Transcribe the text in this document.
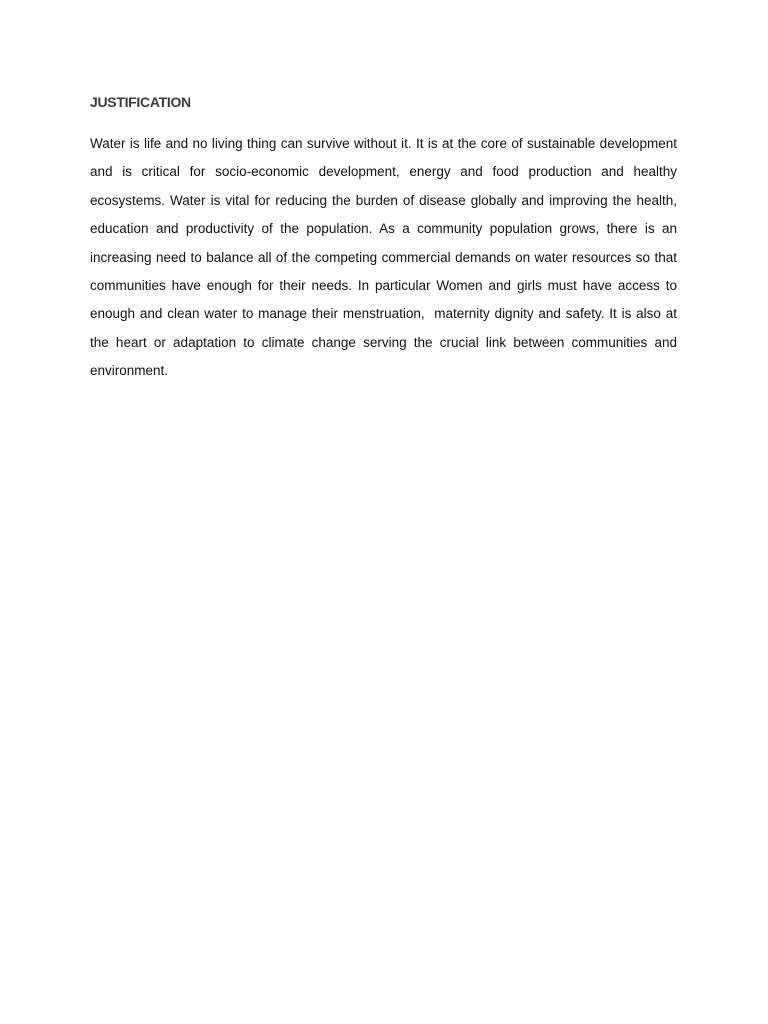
JUSTIFICATION

Water is life and no living thing can survive without it. It is at the core of sustainable development and is critical for socio-economic development, energy and food production and healthy ecosystems. Water is vital for reducing the burden of disease globally and improving the health, education and productivity of the population. As a community population grows, there is an increasing need to balance all of the competing commercial demands on water resources so that communities have enough for their needs. In particular Women and girls must have access to enough and clean water to manage their menstruation,  maternity dignity and safety. It is also at the heart or adaptation to climate change serving the crucial link between communities and environment.
